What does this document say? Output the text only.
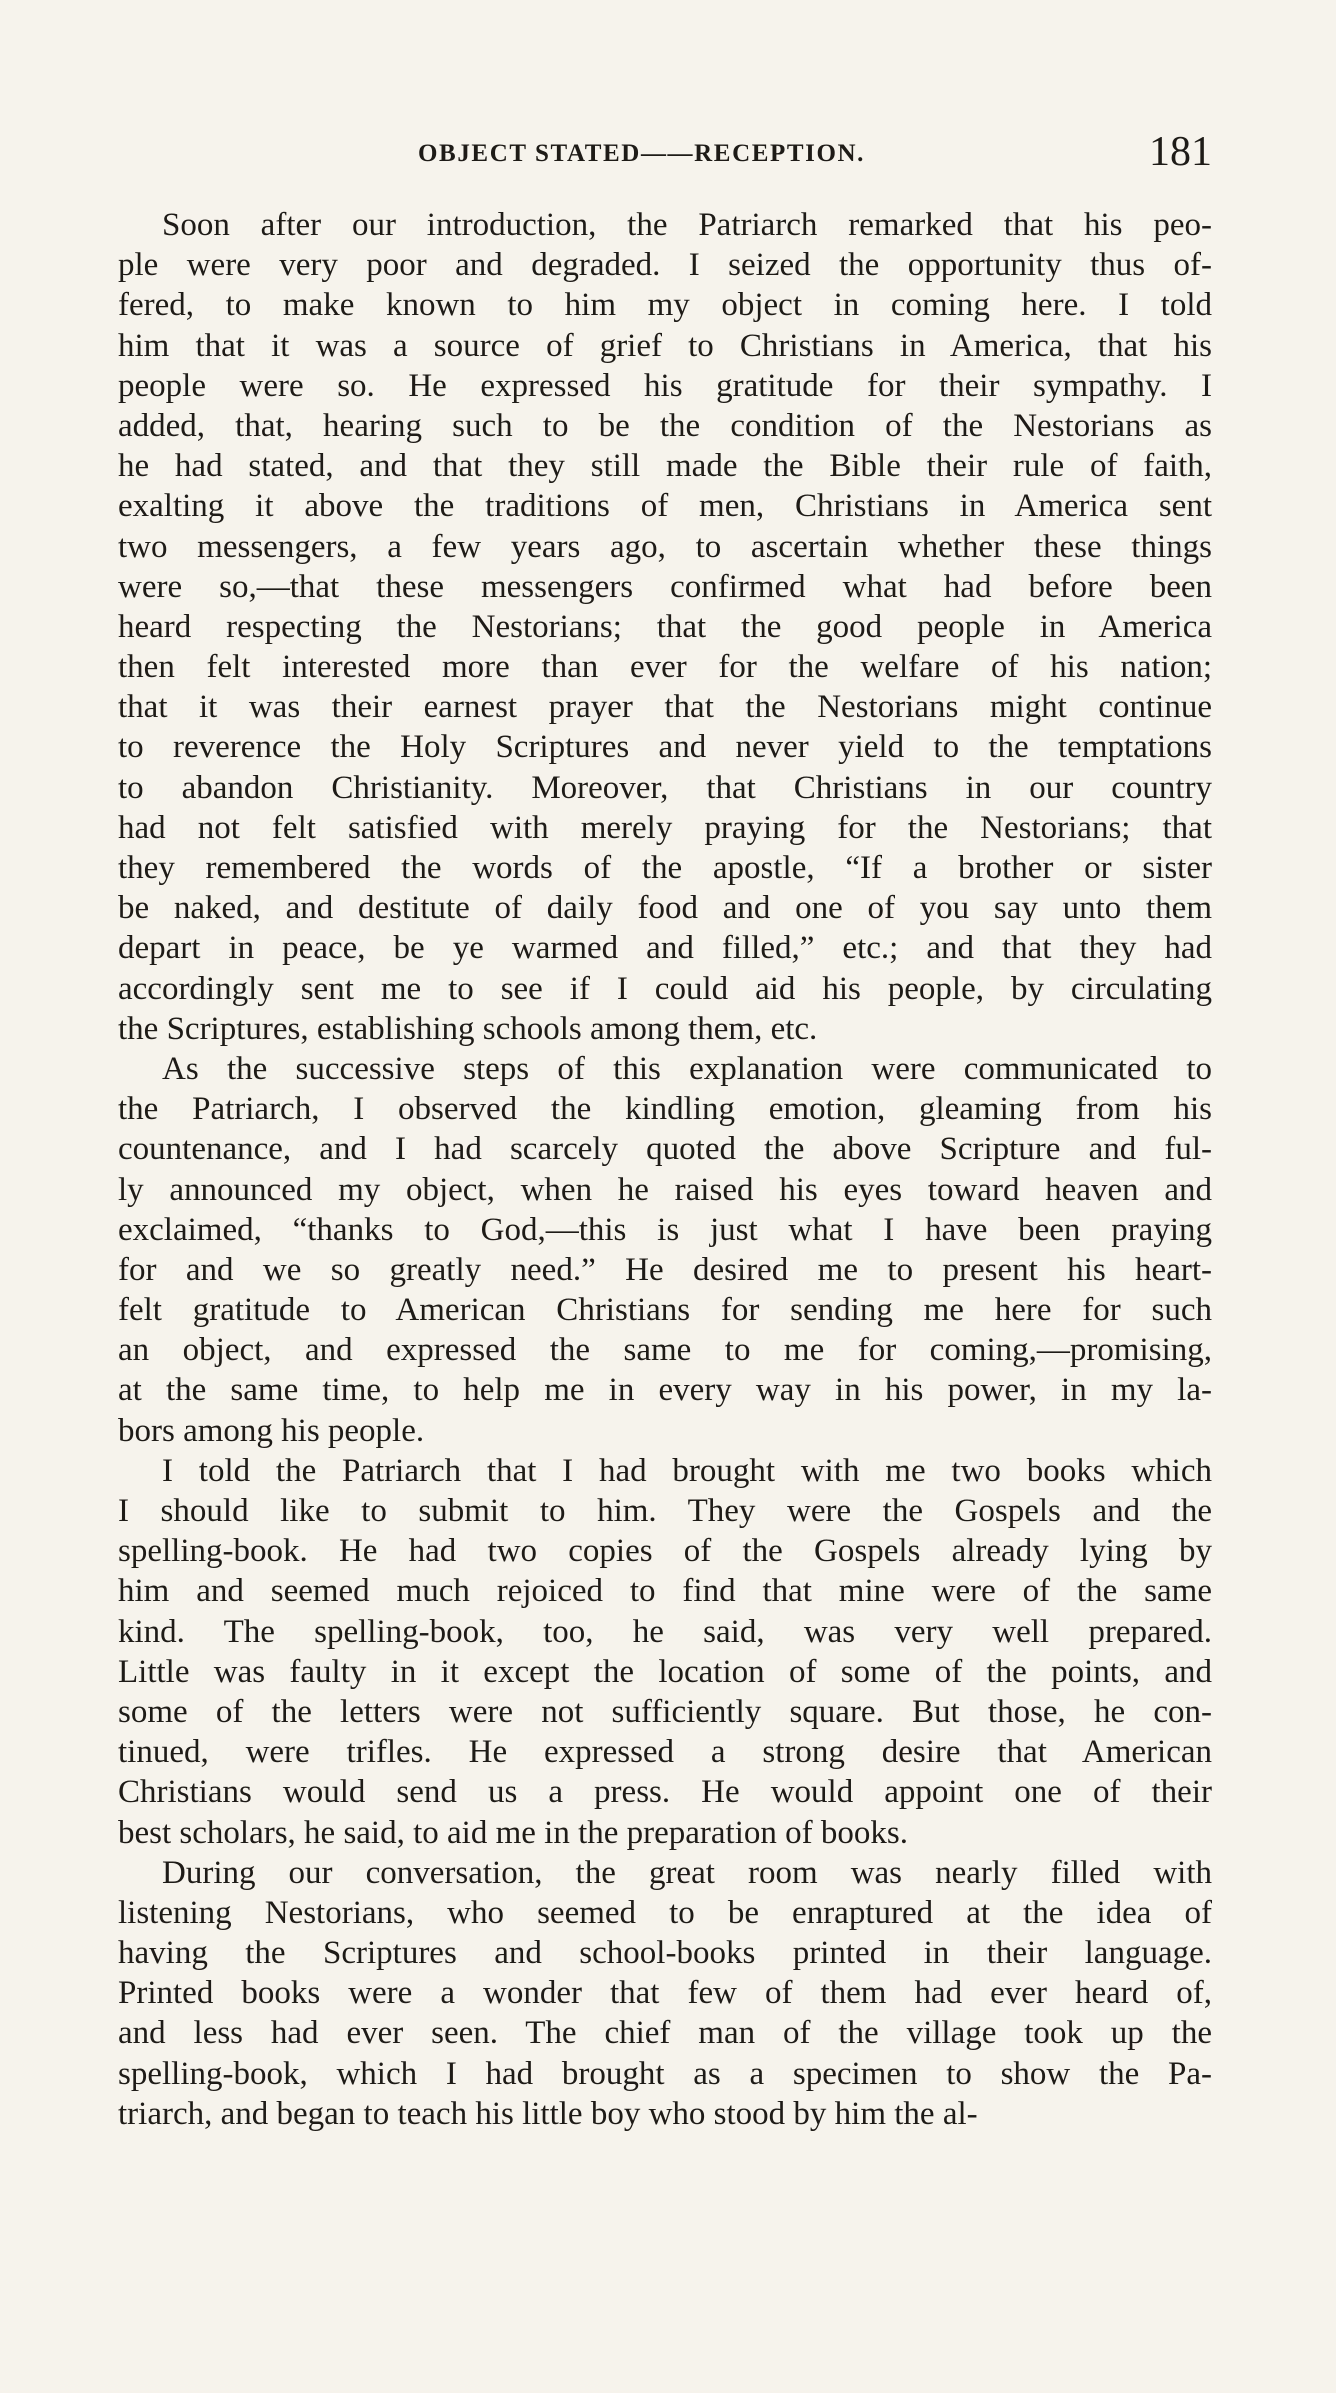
OBJECT STATED——RECEPTION.	181
Soon after our introduction, the Patriarch remarked that his peo-
ple were very poor and degraded. I seized the opportunity thus of-
fered, to make known to him my object in coming here. I told
him that it was a source of grief to Christians in America, that his
people were so. He expressed his gratitude for their sympathy. I
added, that, hearing such to be the condition of the Nestorians as
he had stated, and that they still made the Bible their rule of faith,
exalting it above the traditions of men, Christians in America sent
two messengers, a few years ago, to ascertain whether these things
were so,—that these messengers confirmed what had before been
heard respecting the Nestorians; that the good people in America
then felt interested more than ever for the welfare of his nation;
that it was their earnest prayer that the Nestorians might continue
to reverence the Holy Scriptures and never yield to the temptations
to abandon Christianity. Moreover, that Christians in our country
had not felt satisfied with merely praying for the Nestorians; that
they remembered the words of the apostle, “If a brother or sister
be naked, and destitute of daily food and one of you say unto them
depart in peace, be ye warmed and filled,” etc.; and that they had
accordingly sent me to see if I could aid his people, by circulating
the Scriptures, establishing schools among them, etc.
As the successive steps of this explanation were communicated to
the Patriarch, I observed the kindling emotion, gleaming from his
countenance, and I had scarcely quoted the above Scripture and ful-
ly announced my object, when he raised his eyes toward heaven and
exclaimed, “thanks to God,—this is just what I have been praying
for and we so greatly need.” He desired me to present his heart-
felt gratitude to American Christians for sending me here for such
an object, and expressed the same to me for coming,—promising,
at the same time, to help me in every way in his power, in my la-
bors among his people.
I told the Patriarch that I had brought with me two books which
I should like to submit to him. They were the Gospels and the
spelling-book. He had two copies of the Gospels already lying by
him and seemed much rejoiced to find that mine were of the same
kind. The spelling-book, too, he said, was very well prepared.
Little was faulty in it except the location of some of the points, and
some of the letters were not sufficiently square. But those, he con-
tinued, were trifles. He expressed a strong desire that American
Christians would send us a press. He would appoint one of their
best scholars, he said, to aid me in the preparation of books.
During our conversation, the great room was nearly filled with
listening Nestorians, who seemed to be enraptured at the idea of
having the Scriptures and school-books printed in their language.
Printed books were a wonder that few of them had ever heard of,
and less had ever seen. The chief man of the village took up the
spelling-book, which I had brought as a specimen to show the Pa-
triarch, and began to teach his little boy who stood by him the al-
